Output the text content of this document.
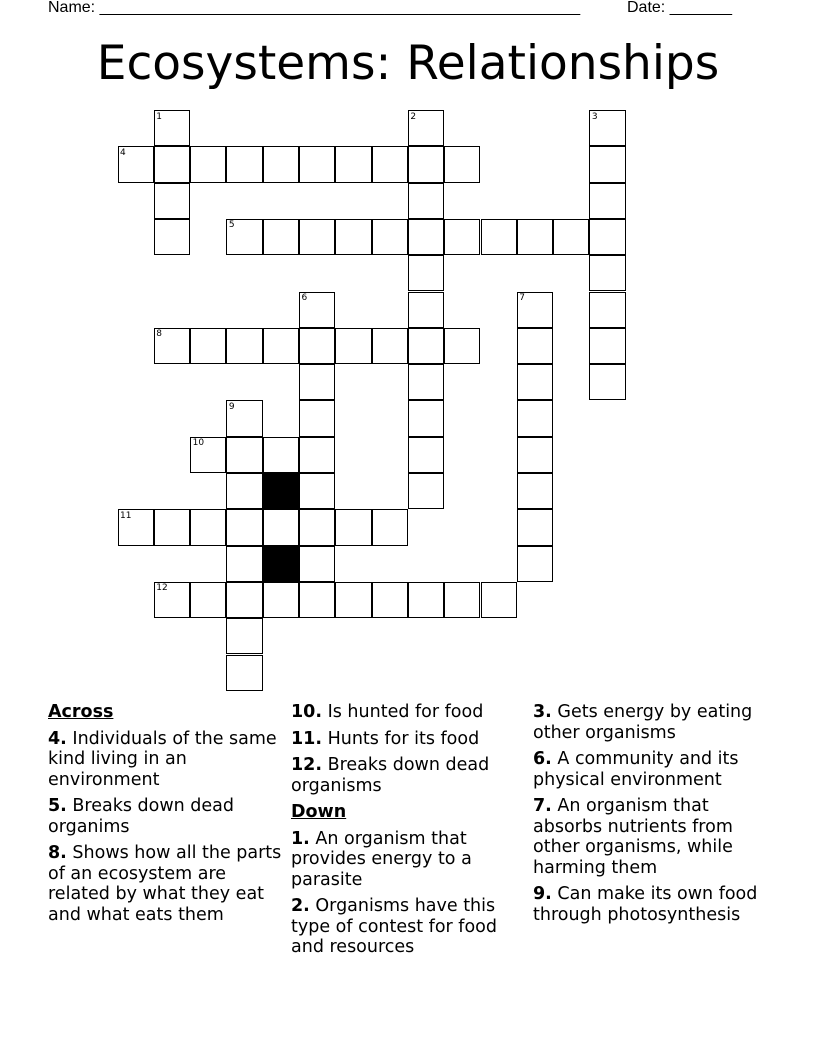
Name: ______________________________________________________

	Date: _______

Ecosystems: Relationships
1	2	3
4
5
6	7
8
9
10
11
12
Across
4. Individuals of the same kind living in an environment
5. Breaks down dead organims
8. Shows how all the parts of an ecosystem are related by what they eat and what eats them
10. Is hunted for food
11. Hunts for its food
12. Breaks down dead organisms
Down
1. An organism that provides energy to a parasite
2. Organisms have this type of contest for food and resources
3. Gets energy by eating other organisms
6. A community and its physical environment
7. An organism that absorbs nutrients from other organisms, while harming them
9. Can make its own food through photosynthesis
